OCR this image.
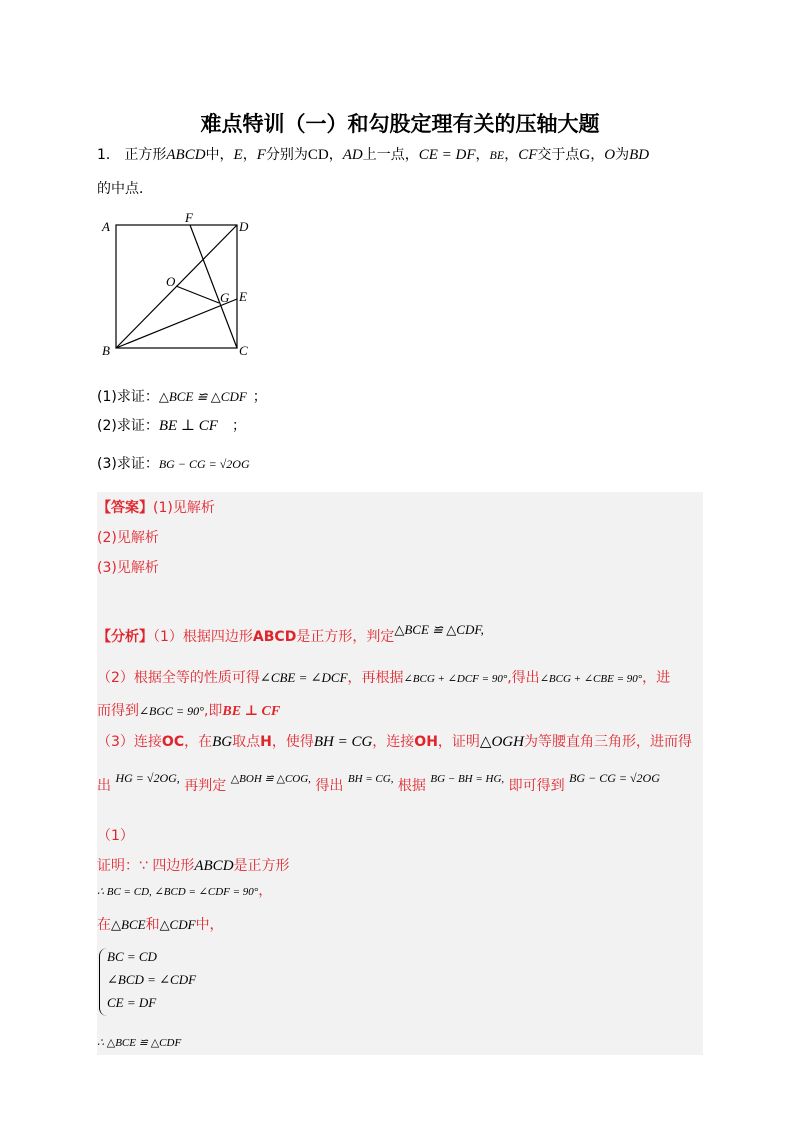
难点特训（一）和勾股定理有关的压轴大题
1． 正方形ABCD中，E，F分别为CD，AD上一点，CE = DF，BE，CF交于点G，O为BD
的中点．
A	D
F
O
G E
B	C
(1)求证：△BCE ≌ △CDF ；
(2)求证：BE ⊥ CF ；
(3)求证：BG − CG = √2OG
【答案】(1)见解析
(2)见解析
(3)见解析
【分析】（1）根据四边形ABCD是正方形，判定△BCE ≌ △CDF,
（2）根据全等的性质可得∠CBE = ∠DCF，再根据∠BCG + ∠DCF = 90°,得出∠BCG + ∠CBE = 90°，进
而得到∠BGC = 90°,即BE ⊥ CF
（3）连接OC，在BG取点H，使得BH = CG，连接OH，证明△OGH为等腰直角三角形，进而得
出 HG = √2OG, 再判定 $^{\triangle BOH ≌ \triangle COG,}$ 得出 $^{BH = CG,}$ 根据 $^{BG - BH = HG,}$ 即可得到 BG − CG = √2OG
（1）
证明：∵ 四边形ABCD是正方形
∴ BC = CD, ∠BCD = ∠CDF = 90°，
在△BCE和△CDF中，
BC = CD
∠BCD = ∠CDF
CE = DF
∴ △BCE ≌ △CDF
